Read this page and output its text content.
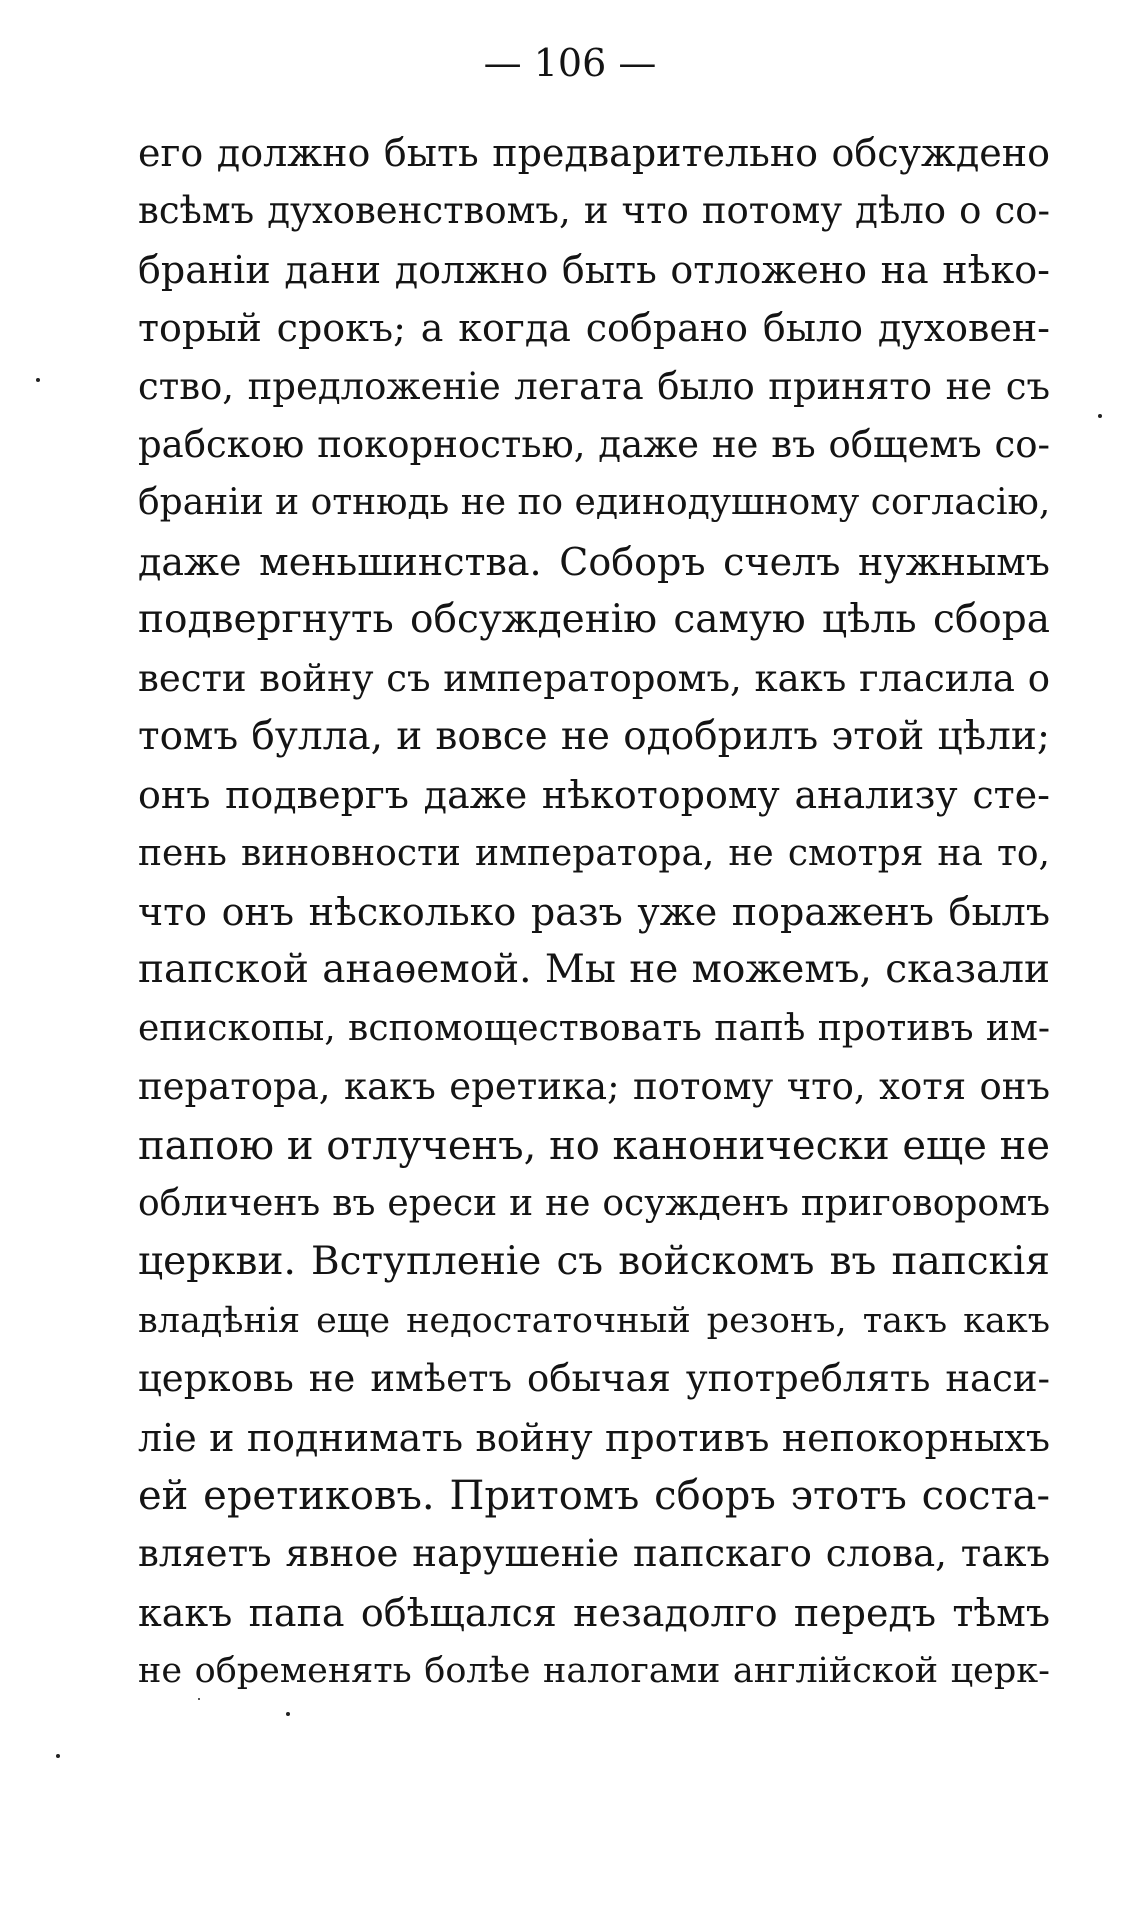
— 106 —
его должно быть предварительно обсуждено
всѣмъ духовенствомъ, и что потому дѣло о со-
браніи дани должно быть отложено на нѣко-
торый срокъ; а когда собрано было духовен-
ство, предложеніе легата было принято не съ
рабскою покорностью, даже не въ общемъ со-
браніи и отнюдь не по единодушному согласію,
даже меньшинства. Соборъ счелъ нужнымъ
подвергнуть обсужденію самую цѣль сбора
вести войну съ императоромъ, какъ гласила о
томъ булла, и вовсе не одобрилъ этой цѣли;
онъ подвергъ даже нѣкоторому анализу сте-
пень виновности императора, не смотря на то,
что онъ нѣсколько разъ уже пораженъ былъ
папской анаѳемой. Мы не можемъ, сказали
епископы, вспомоществовать папѣ противъ им-
ператора, какъ еретика; потому что, хотя онъ
папою и отлученъ, но канонически еще не
обличенъ въ ереси и не осужденъ приговоромъ
церкви. Вступленіе съ войскомъ въ папскія
владѣнія еще недостаточный резонъ, такъ какъ
церковь не имѣетъ обычая употреблять наси-
ліе и поднимать войну противъ непокорныхъ
ей еретиковъ. Притомъ сборъ этотъ соста-
вляетъ явное нарушеніе папскаго слова, такъ
какъ папа обѣщался незадолго передъ тѣмъ
не обременять болѣе налогами англійской церк-
